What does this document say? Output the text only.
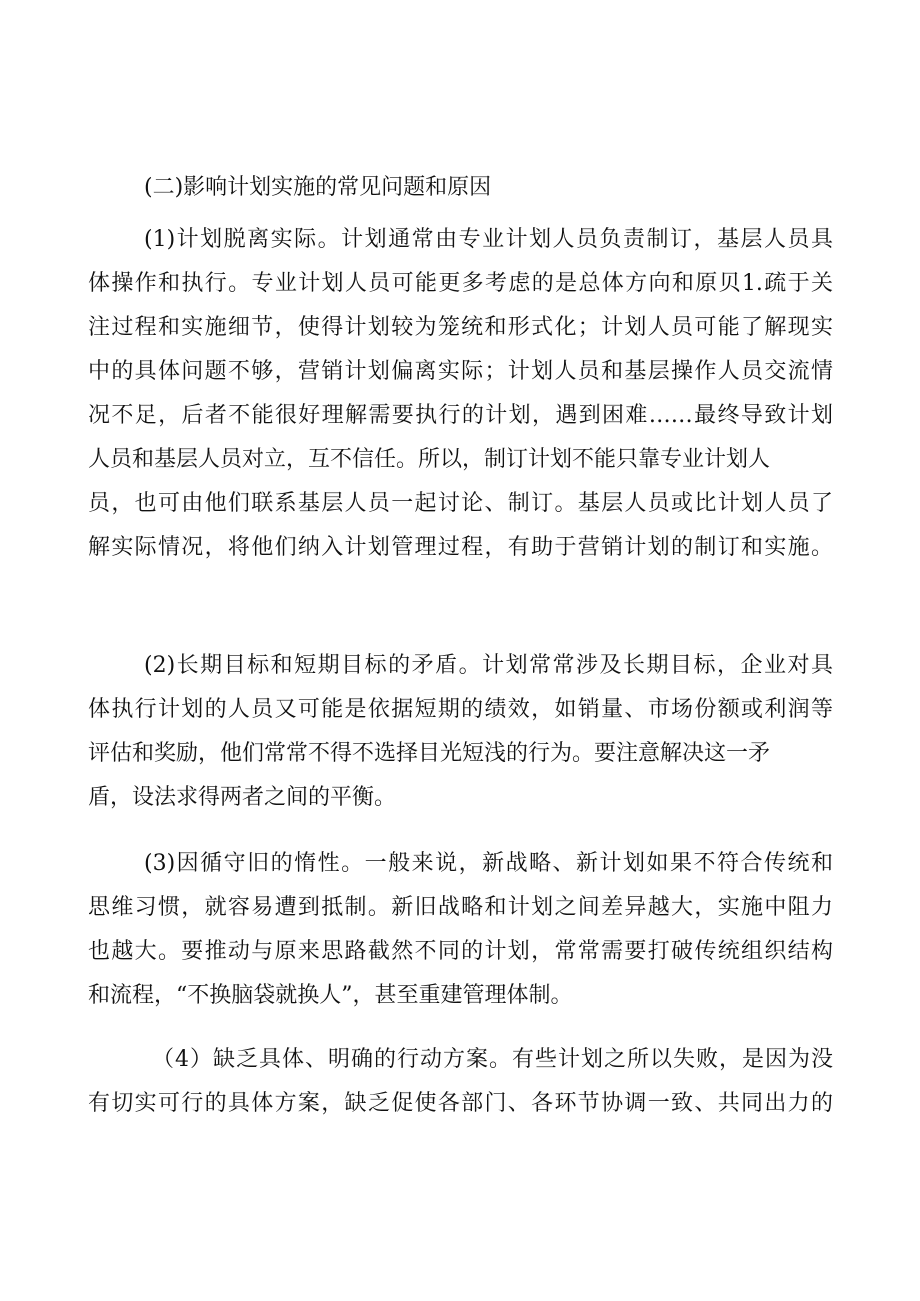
(二)影响计划实施的常见问题和原因
(1)计划脱离实际。计划通常由专业计划人员负责制订，基层人员具
体操作和执行。专业计划人员可能更多考虑的是总体方向和原贝1.疏于关
注过程和实施细节，使得计划较为笼统和形式化；计划人员可能了解现实
中的具体问题不够，营销计划偏离实际；计划人员和基层操作人员交流情
况不足，后者不能很好理解需要执行的计划，遇到困难……最终导致计划
人员和基层人员对立，互不信任。所以，制订计划不能只靠专业计划人
员，也可由他们联系基层人员一起讨论、制订。基层人员或比计划人员了
解实际情况，将他们纳入计划管理过程，有助于营销计划的制订和实施。
(2)长期目标和短期目标的矛盾。计划常常涉及长期目标，企业对具
体执行计划的人员又可能是依据短期的绩效，如销量、市场份额或利润等
评估和奖励，他们常常不得不选择目光短浅的行为。要注意解决这一矛
盾，设法求得两者之间的平衡。
(3)因循守旧的惰性。一般来说，新战略、新计划如果不符合传统和
思维习惯，就容易遭到抵制。新旧战略和计划之间差异越大，实施中阻力
也越大。要推动与原来思路截然不同的计划，常常需要打破传统组织结构
和流程，“不换脑袋就换人”，甚至重建管理体制。
（4）缺乏具体、明确的行动方案。有些计划之所以失败，是因为没
有切实可行的具体方案，缺乏促使各部门、各环节协调一致、共同出力的
